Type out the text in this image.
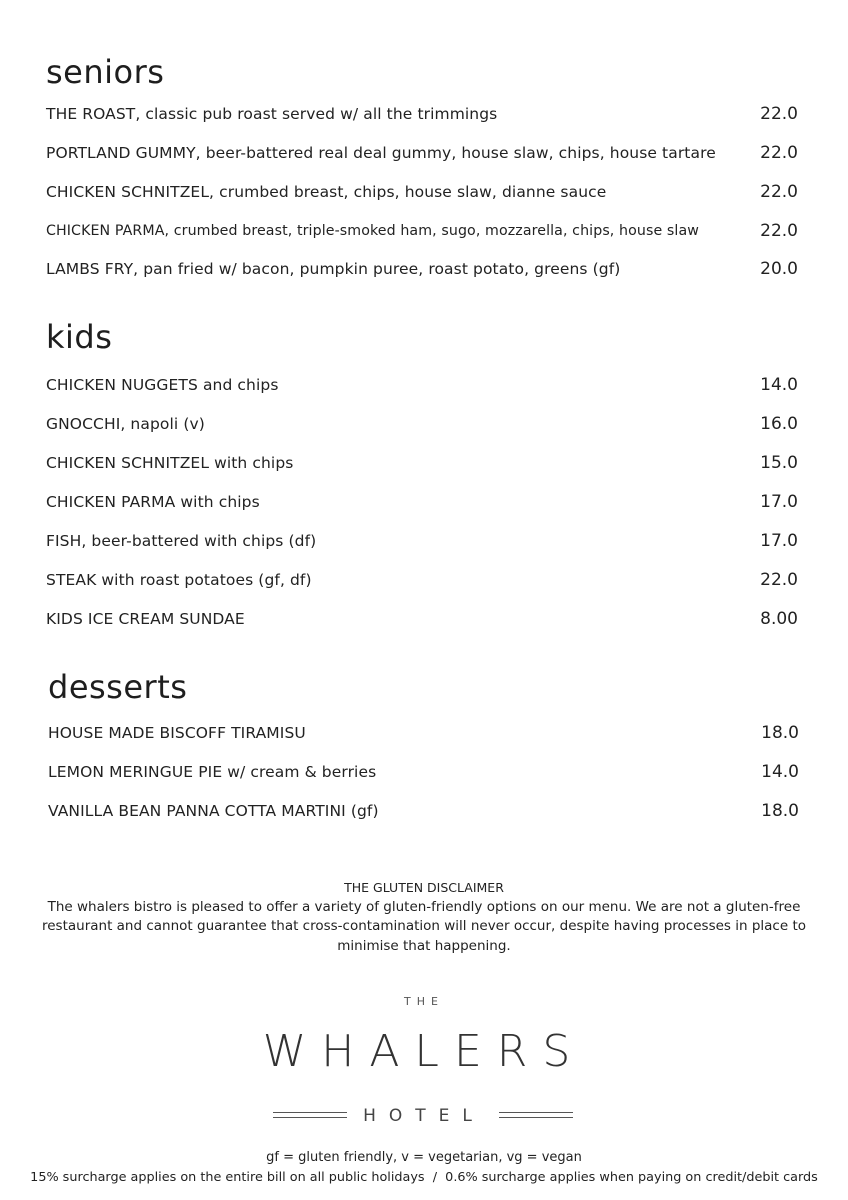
seniors
THE ROAST, classic pub roast served w/ all the trimmings	22.0
PORTLAND GUMMY, beer-battered real deal gummy, house slaw, chips, house tartare	22.0
CHICKEN SCHNITZEL, crumbed breast, chips, house slaw, dianne sauce	22.0
CHICKEN PARMA, crumbed breast, triple-smoked ham, sugo, mozzarella, chips, house slaw	22.0
LAMBS FRY, pan fried w/ bacon, pumpkin puree, roast potato, greens (gf)	20.0
kids
CHICKEN NUGGETS and chips	14.0
GNOCCHI, napoli (v)	16.0
CHICKEN SCHNITZEL with chips	15.0
CHICKEN PARMA with chips	17.0
FISH, beer-battered with chips (df)	17.0
STEAK with roast potatoes (gf, df)	22.0
KIDS ICE CREAM SUNDAE	8.00
desserts
HOUSE MADE BISCOFF TIRAMISU	18.0
LEMON MERINGUE PIE w/ cream & berries	14.0
VANILLA BEAN PANNA COTTA MARTINI (gf)	18.0
THE GLUTEN DISCLAIMER
The whalers bistro is pleased to offer a variety of gluten-friendly options on our menu. We are not a gluten-free restaurant and cannot guarantee that cross-contamination will never occur, despite having processes in place to minimise that happening.
THE
WHALERS
HOTEL
gf = gluten friendly, v = vegetarian, vg = vegan
15% surcharge applies on the entire bill on all public holidays  /  0.6% surcharge applies when paying on credit/debit cards
